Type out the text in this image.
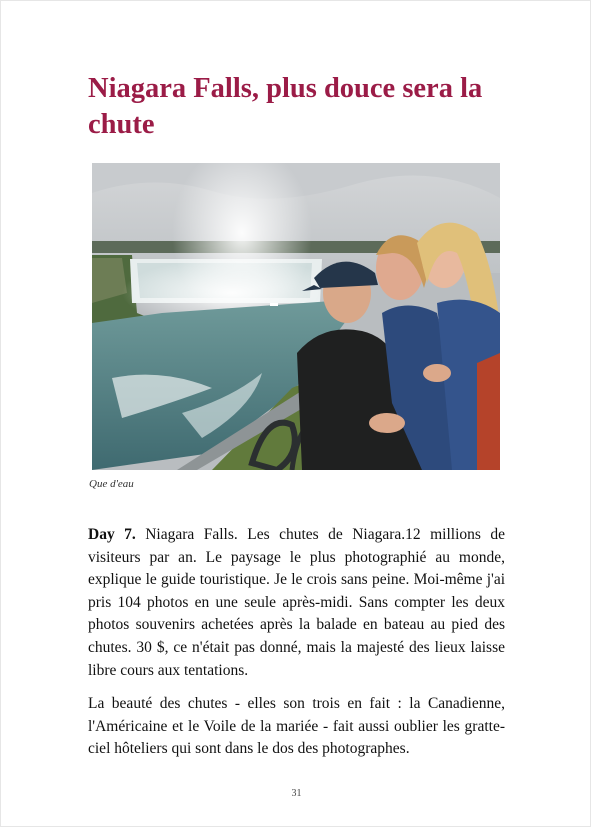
Niagara Falls, plus douce sera la chute
Que d'eau

Day 7. Niagara Falls. Les chutes de Niagara.12 millions de visiteurs par an. Le paysage le plus photographié au monde, explique le guide touristique. Je le crois sans peine. Moi-même j'ai pris 104 photos en une seule après-midi. Sans compter les deux photos souvenirs achetées après la balade en bateau au pied des chutes. 30 $, ce n'était pas donné, mais la majesté des lieux laisse libre cours aux tentations.

La beauté des chutes - elles son trois en fait : la Canadienne, l'Américaine et le Voile de la mariée - fait aussi oublier les gratte-ciel hôteliers qui sont dans le dos des photographes.

31
